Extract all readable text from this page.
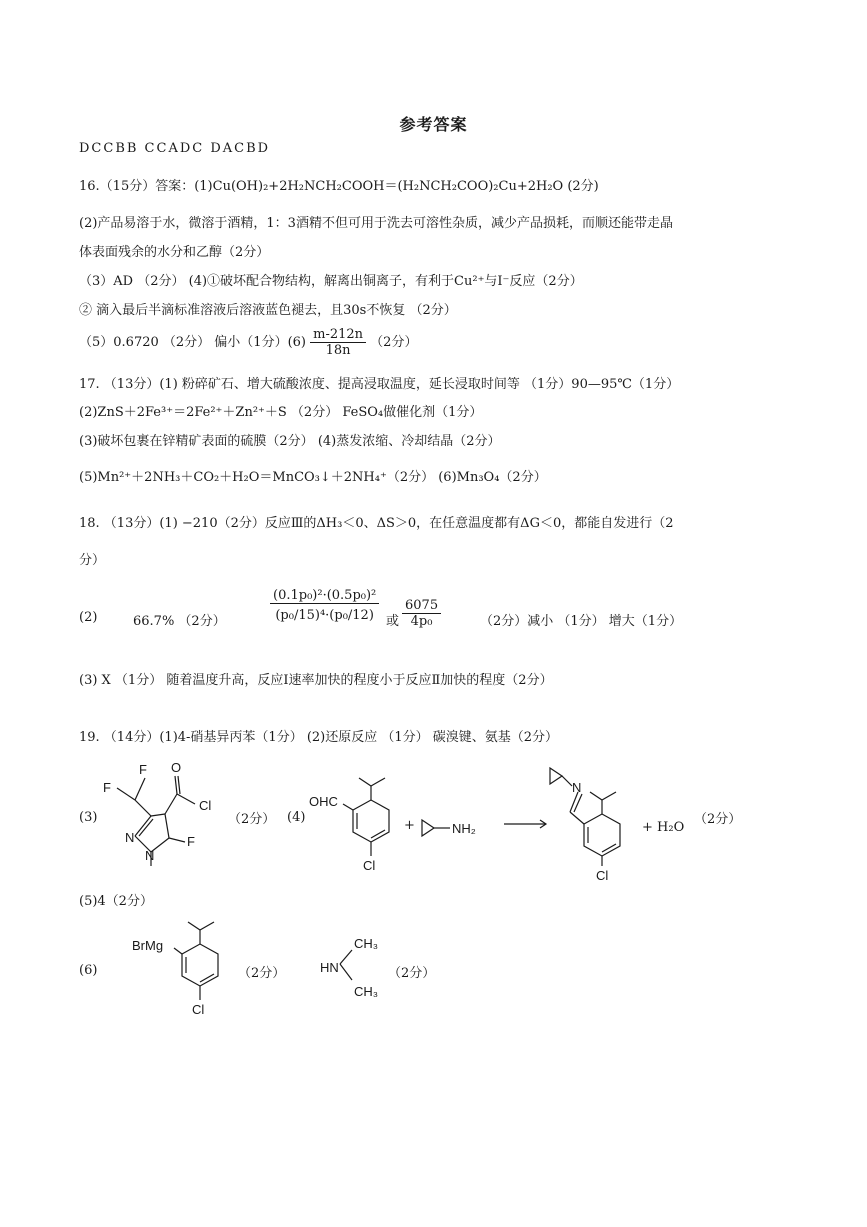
参考答案
DCCBB CCADC DACBD
16.（15分）答案：(1)Cu(OH)₂+2H₂NCH₂COOH＝(H₂NCH₂COO)₂Cu+2H₂O (2分)
(2)产品易溶于水，微溶于酒精，1：3酒精不但可用于洗去可溶性杂质，减少产品损耗，而顺还能带走晶
体表面残余的水分和乙醇（2分）
（3）AD （2分） (4)①破坏配合物结构，解离出铜离子，有利于Cu²⁺与I⁻反应（2分）
② 滴入最后半滴标准溶液后溶液蓝色褪去，且30s不恢复 （2分）
（5）0.6720 （2分） 偏小（1分）$(6) \frac{m-212n}{18n} (2$分）
17. （13分）(1) 粉碎矿石、增大硫酸浓度、提高浸取温度，延长浸取时间等 （1分）90—95℃（1分）
(2)ZnS＋2Fe³⁺＝2Fe²⁺＋Zn²⁺＋S （2分） FeSO₄做催化剂（1分）
(3)破坏包裹在锌精矿表面的硫膜（2分） (4)蒸发浓缩、冷却结晶（2分）
(5)Mn²⁺＋2NH₃＋CO₂＋H₂O＝MnCO₃↓＋2NH₄⁺（2分） (6)Mn₃O₄（2分）
18. （13分）(1) −210（2分）反应Ⅲ的ΔH₃＜0、ΔS＞0，在任意温度都有ΔG＜0，都能自发进行（2
分）
(2)	66.7% （2分）	$\frac{\text{(0.1p₀)²·(0.5p₀)²}}{\text{(p₀/15)⁴·(p₀/12)}}$ 或 $\frac{6075}{\text{4p₀}}$	（2分）减小 （1分） 增大（1分）
(3) X （1分） 随着温度升高，反应Ⅰ速率加快的程度小于反应Ⅱ加快的程度（2分）
19. （14分）(1)4-硝基异丙苯（1分） (2)还原反应 （1分） 碳溴键、氨基（2分）
(3)
F
F
O
Cl
N
N
F
（2分） (4)
OHC
Cl
+	NH₂
N
Cl
+ H₂O
（2分）
(5)4（2分）
(6)
BrMg
Cl
（2分）	HN
CH₃
CH₃
（2分）
